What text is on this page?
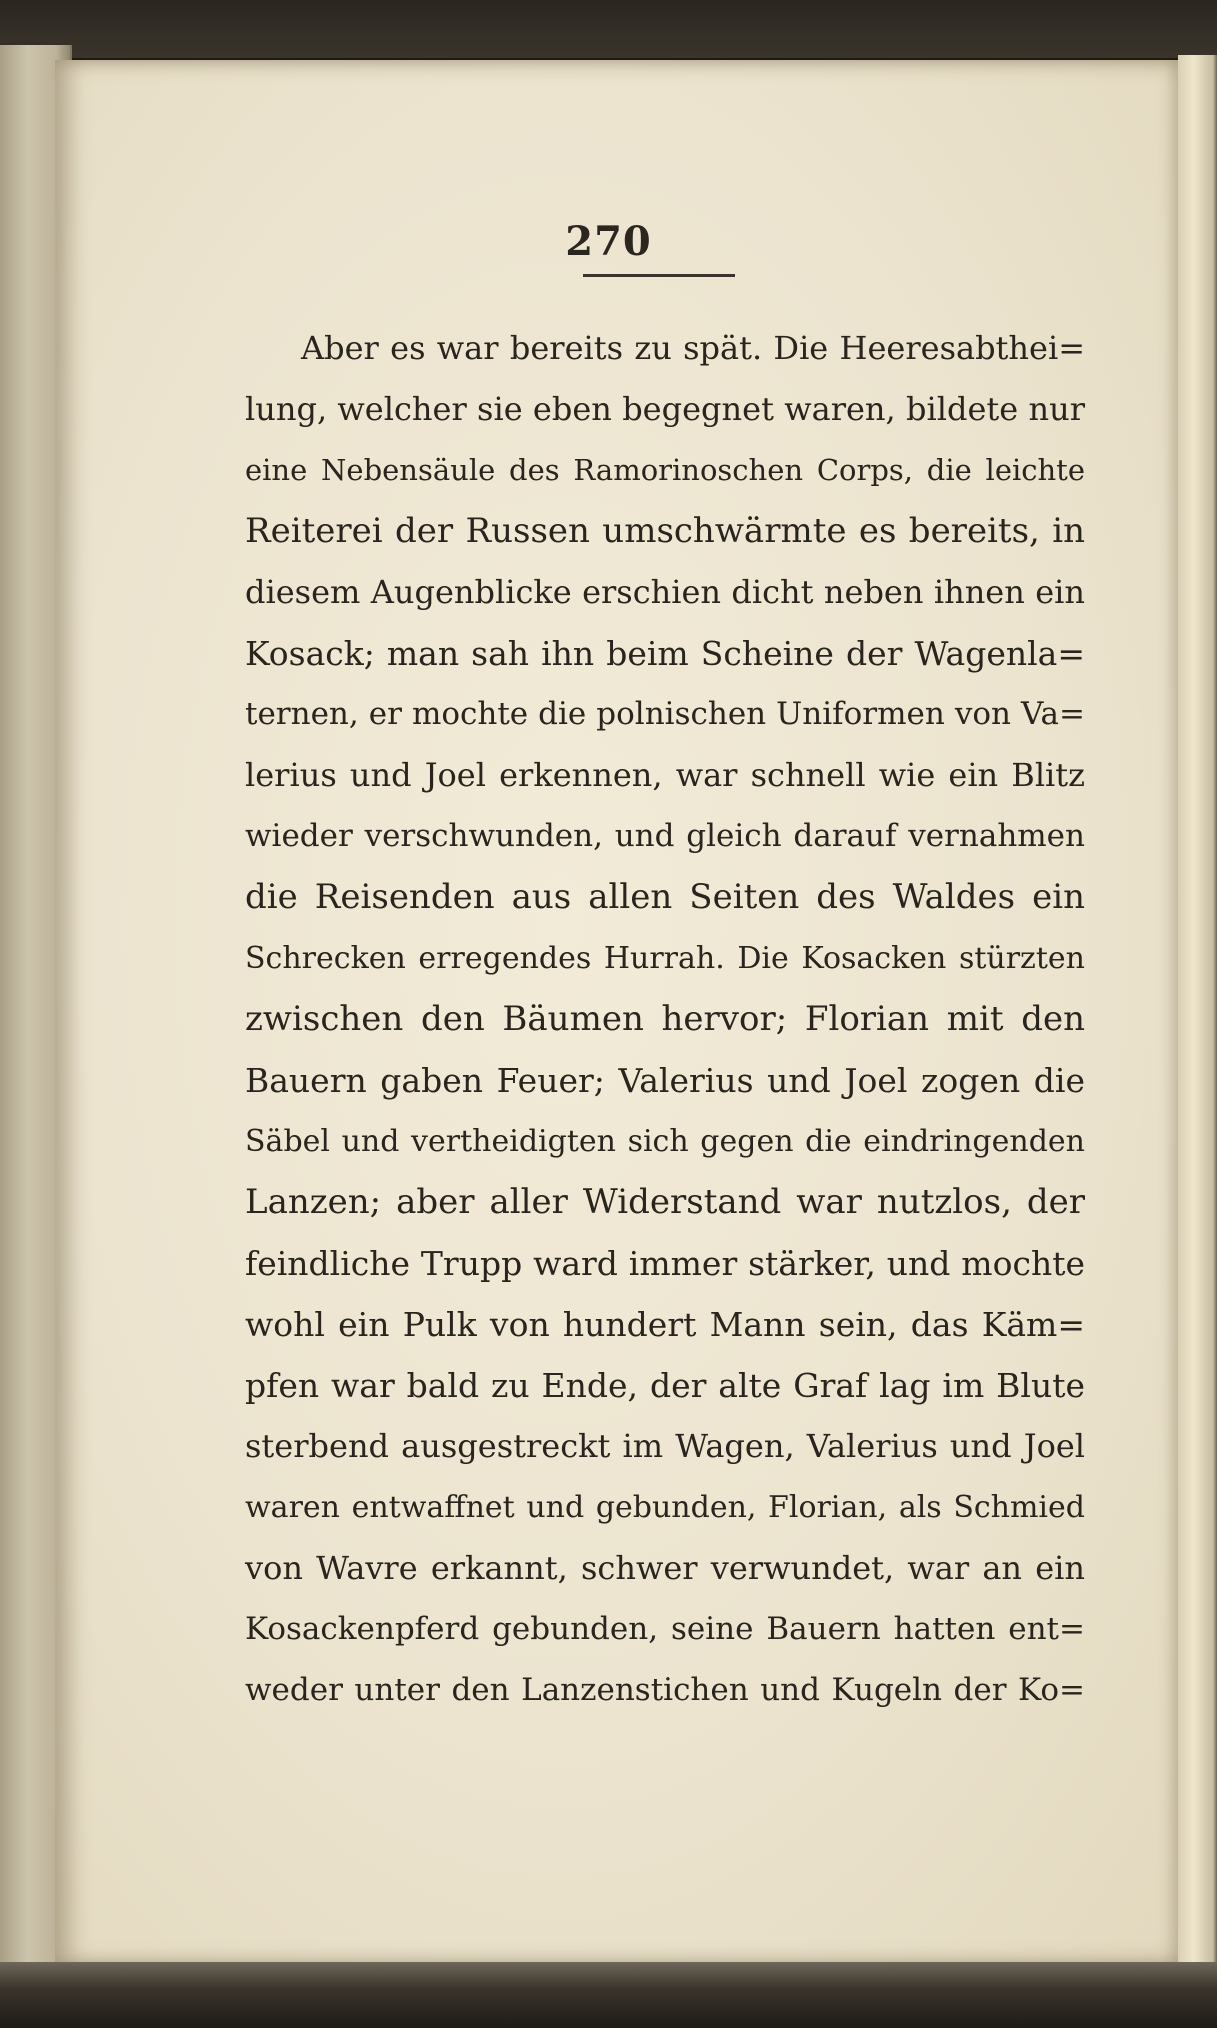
270
Aber es war bereits zu spät. Die Heeresabthei=
lung, welcher sie eben begegnet waren, bildete nur
eine Nebensäule des Ramorinoschen Corps, die leichte
Reiterei der Russen umschwärmte es bereits, in
diesem Augenblicke erschien dicht neben ihnen ein
Kosack; man sah ihn beim Scheine der Wagenla=
ternen, er mochte die polnischen Uniformen von Va=
lerius und Joel erkennen, war schnell wie ein Blitz
wieder verschwunden, und gleich darauf vernahmen
die Reisenden aus allen Seiten des Waldes ein
Schrecken erregendes Hurrah. Die Kosacken stürzten
zwischen den Bäumen hervor; Florian mit den
Bauern gaben Feuer; Valerius und Joel zogen die
Säbel und vertheidigten sich gegen die eindringenden
Lanzen; aber aller Widerstand war nutzlos, der
feindliche Trupp ward immer stärker, und mochte
wohl ein Pulk von hundert Mann sein, das Käm=
pfen war bald zu Ende, der alte Graf lag im Blute
sterbend ausgestreckt im Wagen, Valerius und Joel
waren entwaffnet und gebunden, Florian, als Schmied
von Wavre erkannt, schwer verwundet, war an ein
Kosackenpferd gebunden, seine Bauern hatten ent=
weder unter den Lanzenstichen und Kugeln der Ko=
